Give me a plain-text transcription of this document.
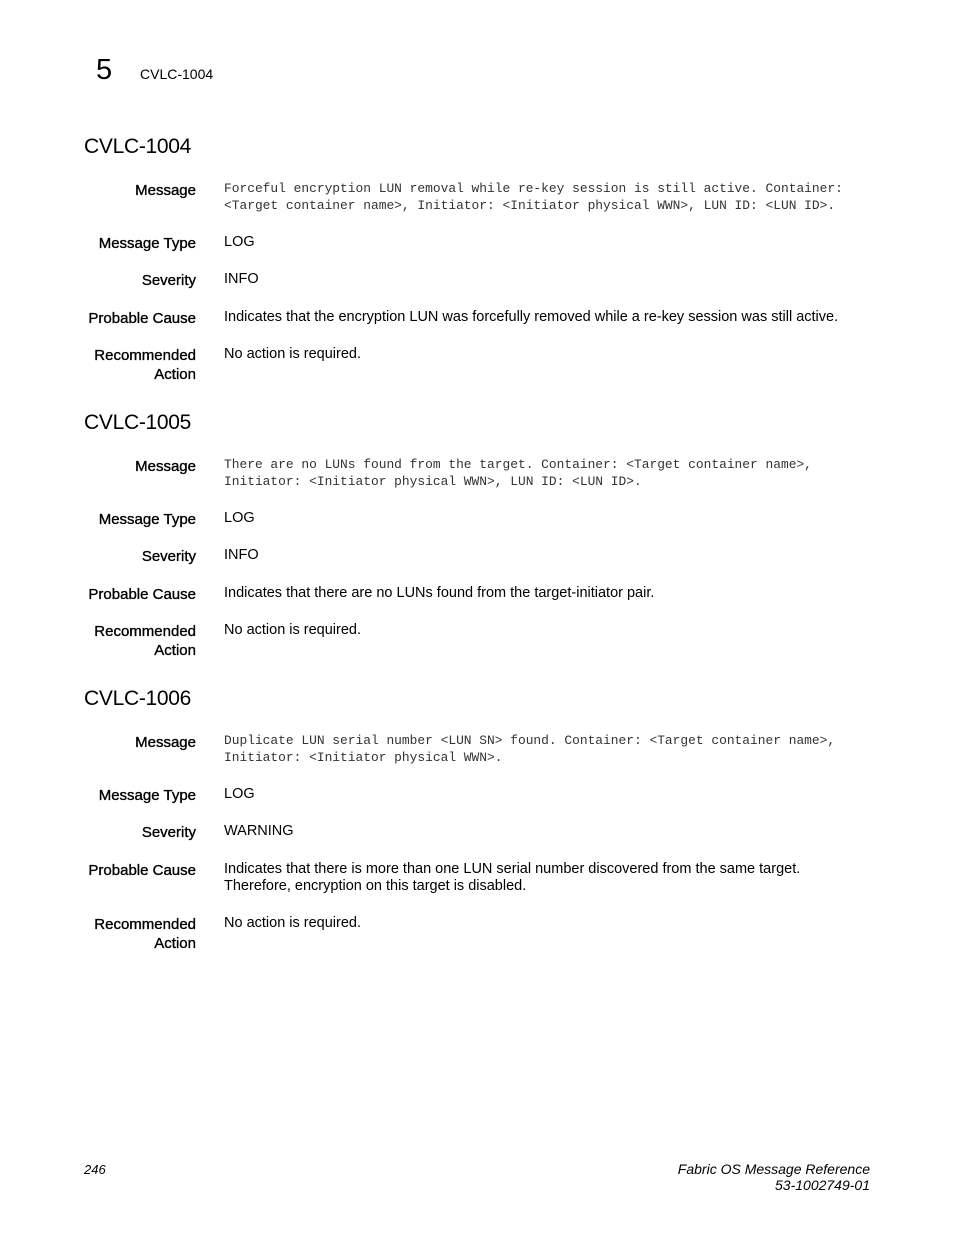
5 CVLC-1004
CVLC-1004
Message Forceful encryption LUN removal while re-key session is still active. Container:
<Target container name>, Initiator: <Initiator physical WWN>, LUN ID: <LUN ID>.
Message Type LOG
Severity INFO
Probable Cause Indicates that the encryption LUN was forcefully removed while a re-key session was still active.
Recommended
Action
No action is required.
CVLC-1005
Message There are no LUNs found from the target. Container: <Target container name>,
Initiator: <Initiator physical WWN>, LUN ID: <LUN ID>.
Message Type LOG
Severity INFO
Probable Cause Indicates that there are no LUNs found from the target-initiator pair.
Recommended
Action
No action is required.
CVLC-1006
Message Duplicate LUN serial number <LUN SN> found. Container: <Target container name>,
Initiator: <Initiator physical WWN>.
Message Type LOG
Severity WARNING
Probable Cause Indicates that there is more than one LUN serial number discovered from the same target. Therefore, encryption on this target is disabled.
Recommended
Action
No action is required.
246	Fabric OS Message Reference
53-1002749-01
